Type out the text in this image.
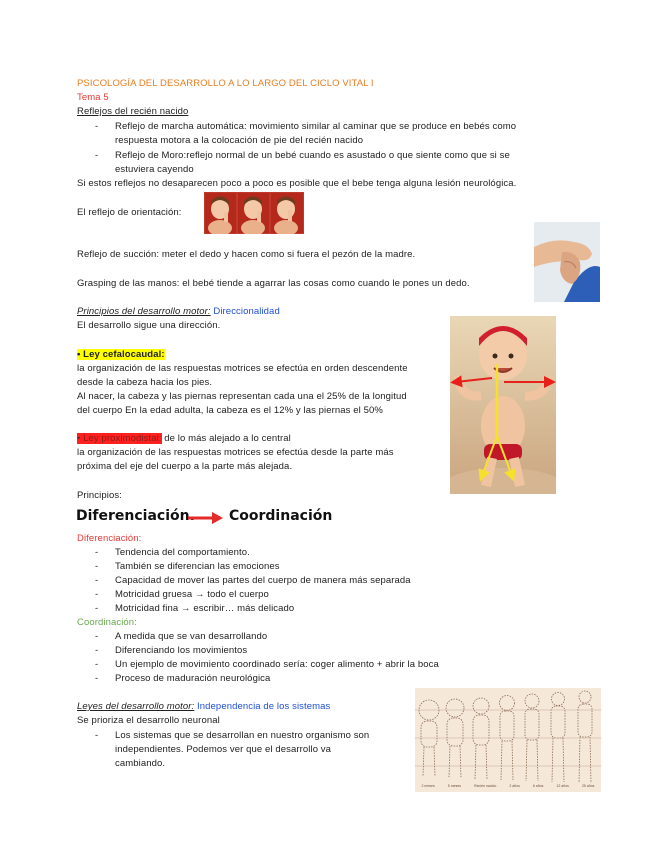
PSICOLOGÍA DEL DESARROLLO A LO LARGO DEL CICLO VITAL I
Tema 5
Reflejos del recién nacido
- Reflejo de marcha automática: movimiento similar al caminar que se produce en bebés como
respuesta motora a la colocación de pie del recién nacido
- Reflejo de Moro:reflejo normal de un bebé cuando es asustado o que siente como que si se
estuviera cayendo
Si estos reflejos no desaparecen poco a poco es posible que el bebe tenga alguna lesión neurológica.
El reflejo de orientación:
Reflejo de succión: meter el dedo y hacen como si fuera el pezón de la madre.
Grasping de las manos: el bebé tiende a agarrar las cosas como cuando le pones un dedo.
Principios del desarrollo motor: Direccionalidad
El desarrollo sigue una dirección.
• Ley cefalocaudal:
la organización de las respuestas motrices se efectúa en orden descendente
desde la cabeza hacia los pies.
Al nacer, la cabeza y las piernas representan cada una el 25% de la longitud
del cuerpo En la edad adulta, la cabeza es el 12% y las piernas el 50%
• Ley proximodistal: de lo más alejado a lo central
la organización de las respuestas motrices se efectúa desde la parte más
próxima del eje del cuerpo a la parte más alejada.
Principios:
Diferenciación. Coordinación
Diferenciación:
- Tendencia del comportamiento.
- También se diferencian las emociones
- Capacidad de mover las partes del cuerpo de manera más separada
- Motricidad gruesa → todo el cuerpo
- Motricidad fina → escribir… más delicado
Coordinación:
- A medida que se van desarrollando
- Diferenciando los movimientos
- Un ejemplo de movimiento coordinado sería: coger alimento + abrir la boca
- Proceso de maduración neurológica
Leyes del desarrollo motor: Independencia de los sistemas
Se prioriza el desarrollo neuronal
- Los sistemas que se desarrollan en nuestro organismo son
independientes. Podemos ver que el desarrollo va
cambiando.
2 meses	5 meses	Recién nacido	2 años	6 años	12 años	25 años
